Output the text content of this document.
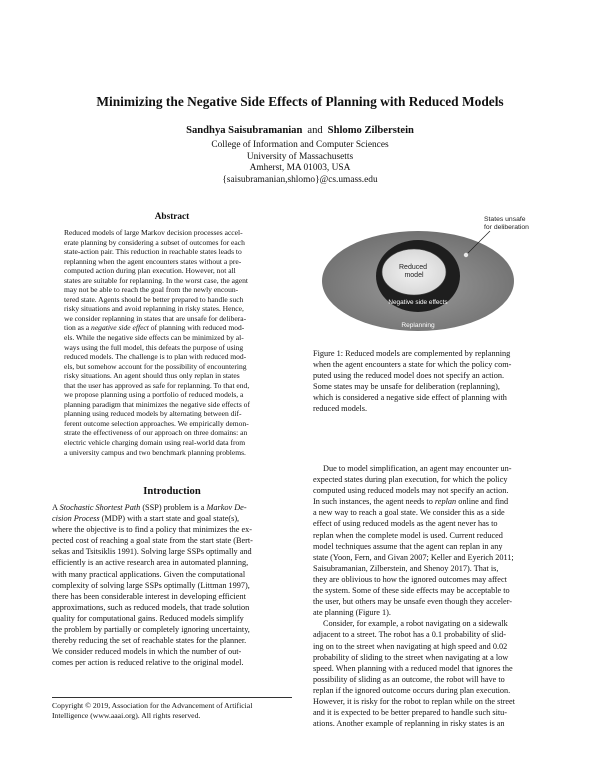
Minimizing the Negative Side Effects of Planning with Reduced Models
Sandhya Saisubramanian and Shlomo Zilberstein
College of Information and Computer Sciences
University of Massachusetts
Amherst, MA 01003, USA
{saisubramanian,shlomo}@cs.umass.edu
Abstract
Reduced models of large Markov decision processes accel-
erate planning by considering a subset of outcomes for each
state-action pair. This reduction in reachable states leads to
replanning when the agent encounters states without a pre-
computed action during plan execution. However, not all
states are suitable for replanning. In the worst case, the agent
may not be able to reach the goal from the newly encoun-
tered state. Agents should be better prepared to handle such
risky situations and avoid replanning in risky states. Hence,
we consider replanning in states that are unsafe for delibera-
tion as a negative side effect of planning with reduced mod-
els. While the negative side effects can be minimized by al-
ways using the full model, this defeats the purpose of using
reduced models. The challenge is to plan with reduced mod-
els, but somehow account for the possibility of encountering
risky situations. An agent should thus only replan in states
that the user has approved as safe for replanning. To that end,
we propose planning using a portfolio of reduced models, a
planning paradigm that minimizes the negative side effects of
planning using reduced models by alternating between dif-
ferent outcome selection approaches. We empirically demon-
strate the effectiveness of our approach on three domains: an
electric vehicle charging domain using real-world data from
a university campus and two benchmark planning problems.
Introduction
A Stochastic Shortest Path (SSP) problem is a Markov De-
cision Process (MDP) with a start state and goal state(s),
where the objective is to find a policy that minimizes the ex-
pected cost of reaching a goal state from the start state (Bert-
sekas and Tsitsiklis 1991). Solving large SSPs optimally and
efficiently is an active research area in automated planning,
with many practical applications. Given the computational
complexity of solving large SSPs optimally (Littman 1997),
there has been considerable interest in developing efficient
approximations, such as reduced models, that trade solution
quality for computational gains. Reduced models simplify
the problem by partially or completely ignoring uncertainty,
thereby reducing the set of reachable states for the planner.
We consider reduced models in which the number of out-
comes per action is reduced relative to the original model.
Copyright © 2019, Association for the Advancement of Artificial
Intelligence (www.aaai.org). All rights reserved.
Reduced model
Negative side effects
Replanning
States unsafe for deliberation
Figure 1: Reduced models are complemented by replanning
when the agent encounters a state for which the policy com-
puted using the reduced model does not specify an action.
Some states may be unsafe for deliberation (replanning),
which is considered a negative side effect of planning with
reduced models.
Due to model simplification, an agent may encounter un-
expected states during plan execution, for which the policy
computed using reduced models may not specify an action.
In such instances, the agent needs to replan online and find
a new way to reach a goal state. We consider this as a side
effect of using reduced models as the agent never has to
replan when the complete model is used. Current reduced
model techniques assume that the agent can replan in any
state (Yoon, Fern, and Givan 2007; Keller and Eyerich 2011;
Saisubramanian, Zilberstein, and Shenoy 2017). That is,
they are oblivious to how the ignored outcomes may affect
the system. Some of these side effects may be acceptable to
the user, but others may be unsafe even though they acceler-
ate planning (Figure 1).
Consider, for example, a robot navigating on a sidewalk
adjacent to a street. The robot has a 0.1 probability of slid-
ing on to the street when navigating at high speed and 0.02
probability of sliding to the street when navigating at a low
speed. When planning with a reduced model that ignores the
possibility of sliding as an outcome, the robot will have to
replan if the ignored outcome occurs during plan execution.
However, it is risky for the robot to replan while on the street
and it is expected to be better prepared to handle such situ-
ations. Another example of replanning in risky states is an
